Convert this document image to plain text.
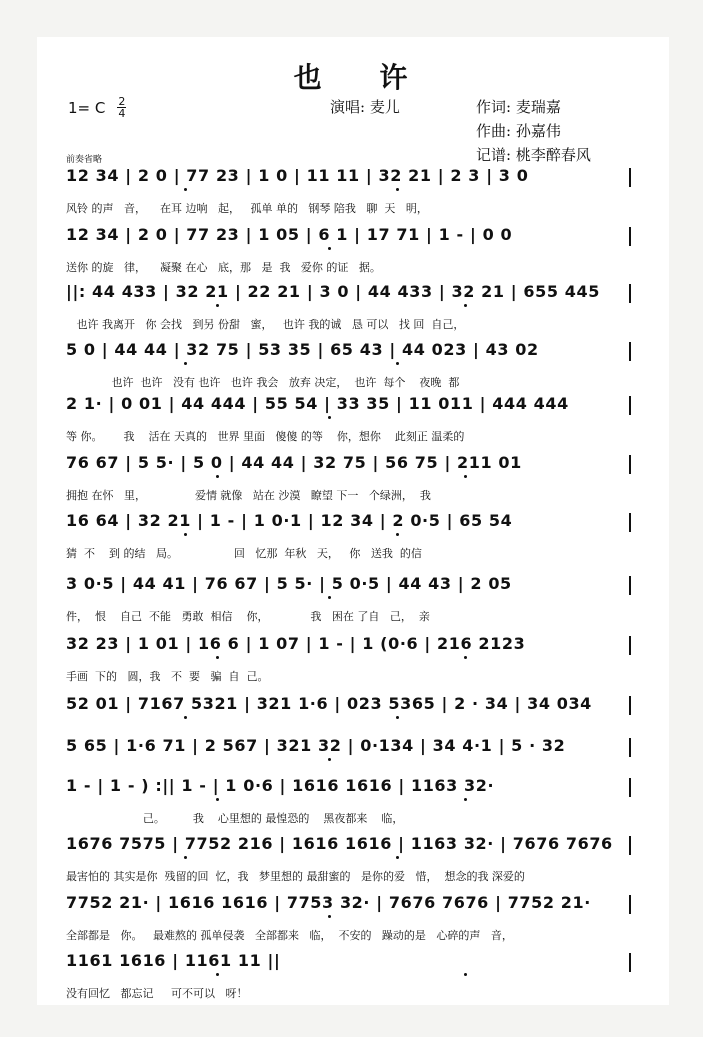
也 许
1= C 2
4	演唱: 麦儿	作词: 麦瑞嘉
作曲: 孙嘉伟
记谱: 桃李醉春风
前奏省略
12 34 | 2 0 | 77 23 | 1 0 | 11 11 | 32 21 | 2 3 | 3 0
风铃 的声   音，    在耳 边响   起，   孤单 单的   钢琴 陪我   聊  天   明，
12 34 | 2 0 | 77 23 | 1 05 | 6 1 | 17 71 | 1 - | 0 0
送你 的旋   律，    凝聚 在心   底，那   是  我   爱你 的证   据。
||: 44 433 | 32 21 | 22 21 | 3 0 | 44 433 | 32 21 | 655 445
也许 我离开   你 会找   到另 份甜   蜜，   也许 我的诚   恳 可以   找 回  自己，
5 0 | 44 44 | 32 75 | 53 35 | 65 43 | 44 023 | 43 02
也许  也许   没有 也许   也许 我会   放弃 决定，  也许  每个    夜晚  都
2 1· | 0 01 | 44 444 | 55 54 | 33 35 | 11 011 | 444 444
等 你。      我    活在 天真的   世界 里面   傻傻 的等    你，想你    此刻正 温柔的
76 67 | 5 5· | 5 0 | 44 44 | 32 75 | 56 75 | 211 01
拥抱 在怀   里，              爱情 就像   站在 沙漠   瞭望 下一   个绿洲，  我
16 64 | 32 21 | 1 - | 1 0·1 | 12 34 | 2 0·5 | 65 54
猜  不    到 的结   局。                回   忆那  年秋   天，   你   送我  的信
3 0·5 | 44 41 | 76 67 | 5 5· | 5 0·5 | 44 43 | 2 05
件，  恨    自己  不能   勇敢  相信    你，            我   困在 了自   己，  亲
32 23 | 1 01 | 16 6 | 1 07 | 1 - | 1 (0·6 | 216 2123
手画  下的   圆，我   不  要   骗  自  己。
52 01 | 7167 5321 | 321 1·6 | 023 5365 | 2 · 34 | 34 034
5 65 | 1·6 71 | 2 567 | 321 32 | 0·134 | 34 4·1 | 5 · 32
1 - | 1 - ) :|| 1 - | 1 0·6 | 1616 1616 | 1163 32·
己。        我    心里想的 最惶恐的    黑夜都来    临，
1676 7575 | 7752 216 | 1616 1616 | 1163 32· | 7676 7676
最害怕的 其实是你  残留的回  忆，我   梦里想的 最甜蜜的   是你的爱   惜，  想念的我 深爱的
7752 21· | 1616 1616 | 7753 32· | 7676 7676 | 7752 21·
全部都是   你。   最难熬的 孤单侵袭   全部都来   临，  不安的   躁动的是   心碎的声   音，
1161 1616 | 1161 11 ||
没有回忆   都忘记     可不可以   呀！
